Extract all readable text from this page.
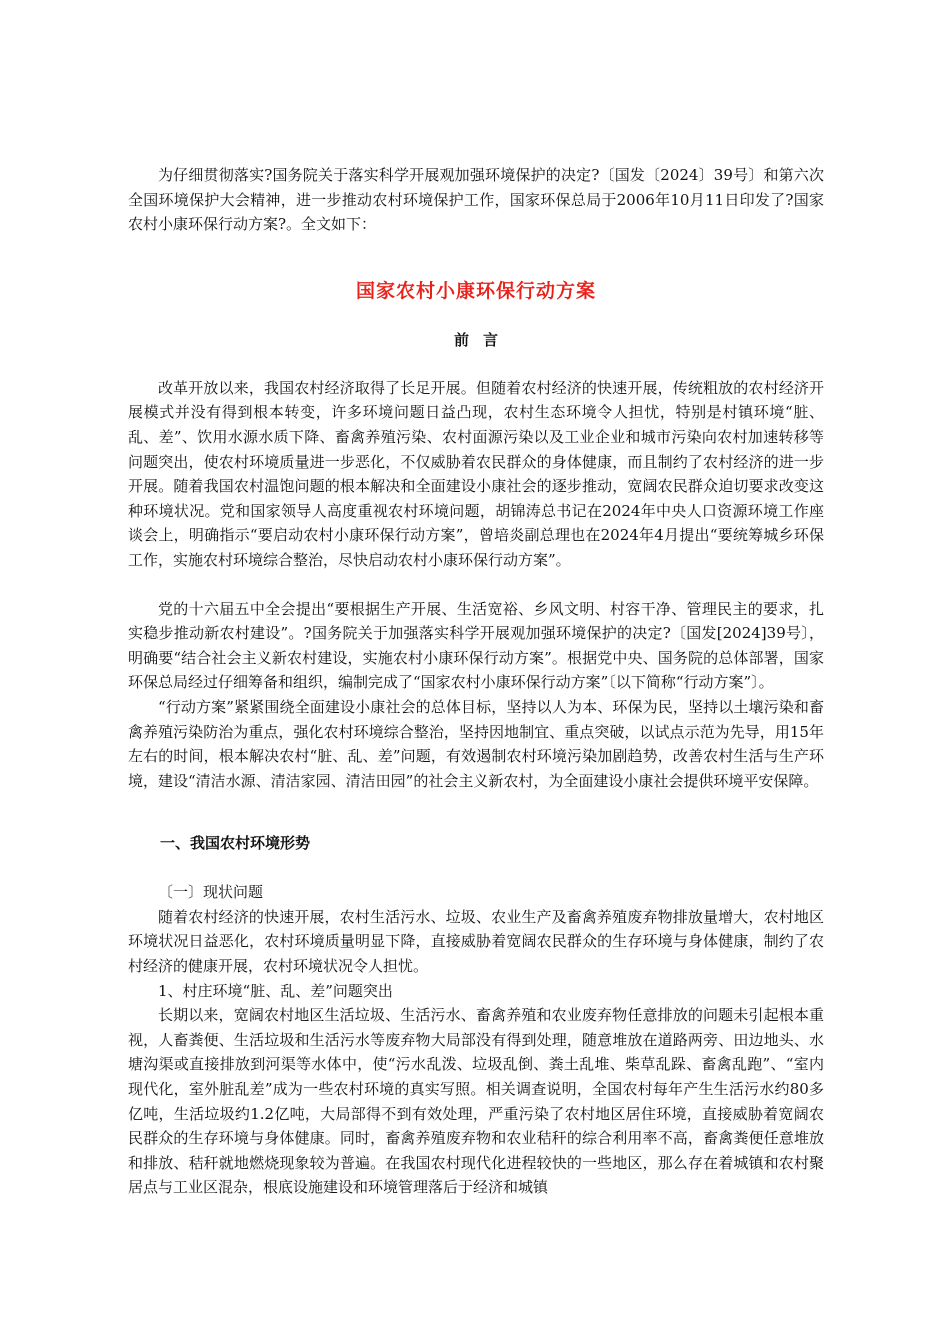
为仔细贯彻落实?国务院关于落实科学开展观加强环境保护的决定?〔国发〔2024〕39号〕和第六次全国环境保护大会精神，进一步推动农村环境保护工作，国家环保总局于2006年10月11日印发了?国家农村小康环保行动方案?。全文如下：

国家农村小康环保行动方案
前言

改革开放以来，我国农村经济取得了长足开展。但随着农村经济的快速开展，传统粗放的农村经济开展模式并没有得到根本转变，许多环境问题日益凸现，农村生态环境令人担忧，特别是村镇环境“脏、乱、差”、饮用水源水质下降、畜禽养殖污染、农村面源污染以及工业企业和城市污染向农村加速转移等问题突出，使农村环境质量进一步恶化，不仅威胁着农民群众的身体健康，而且制约了农村经济的进一步开展。随着我国农村温饱问题的根本解决和全面建设小康社会的逐步推动，宽阔农民群众迫切要求改变这种环境状况。党和国家领导人高度重视农村环境问题，胡锦涛总书记在2024年中央人口资源环境工作座谈会上，明确指示“要启动农村小康环保行动方案”，曾培炎副总理也在2024年4月提出“要统筹城乡环保工作，实施农村环境综合整治，尽快启动农村小康环保行动方案”。

党的十六届五中全会提出“要根据生产开展、生活宽裕、乡风文明、村容干净、管理民主的要求，扎实稳步推动新农村建设”。?国务院关于加强落实科学开展观加强环境保护的决定?〔国发[2024]39号〕，明确要“结合社会主义新农村建设，实施农村小康环保行动方案”。根据党中央、国务院的总体部署，国家环保总局经过仔细筹备和组织，编制完成了“国家农村小康环保行动方案”〔以下简称“行动方案”〕。

“行动方案”紧紧围绕全面建设小康社会的总体目标，坚持以人为本、环保为民，坚持以土壤污染和畜禽养殖污染防治为重点，强化农村环境综合整治，坚持因地制宜、重点突破，以试点示范为先导，用15年左右的时间，根本解决农村“脏、乱、差”问题，有效遏制农村环境污染加剧趋势，改善农村生活与生产环境，建设“清洁水源、清洁家园、清洁田园”的社会主义新农村，为全面建设小康社会提供环境平安保障。

一、我国农村环境形势

〔一〕现状问题

随着农村经济的快速开展，农村生活污水、垃圾、农业生产及畜禽养殖废弃物排放量增大，农村地区环境状况日益恶化，农村环境质量明显下降，直接威胁着宽阔农民群众的生存环境与身体健康，制约了农村经济的健康开展，农村环境状况令人担忧。

1、村庄环境“脏、乱、差”问题突出

长期以来，宽阔农村地区生活垃圾、生活污水、畜禽养殖和农业废弃物任意排放的问题未引起根本重视，人畜粪便、生活垃圾和生活污水等废弃物大局部没有得到处理，随意堆放在道路两旁、田边地头、水塘沟渠或直接排放到河渠等水体中，使“污水乱泼、垃圾乱倒、粪土乱堆、柴草乱跺、畜禽乱跑”、“室内现代化，室外脏乱差”成为一些农村环境的真实写照。相关调查说明，全国农村每年产生生活污水约80多亿吨，生活垃圾约1.2亿吨，大局部得不到有效处理，严重污染了农村地区居住环境，直接威胁着宽阔农民群众的生存环境与身体健康。同时，畜禽养殖废弃物和农业秸秆的综合利用率不高，畜禽粪便任意堆放和排放、秸秆就地燃烧现象较为普遍。在我国农村现代化进程较快的一些地区，那么存在着城镇和农村聚居点与工业区混杂，根底设施建设和环境管理落后于经济和城镇
